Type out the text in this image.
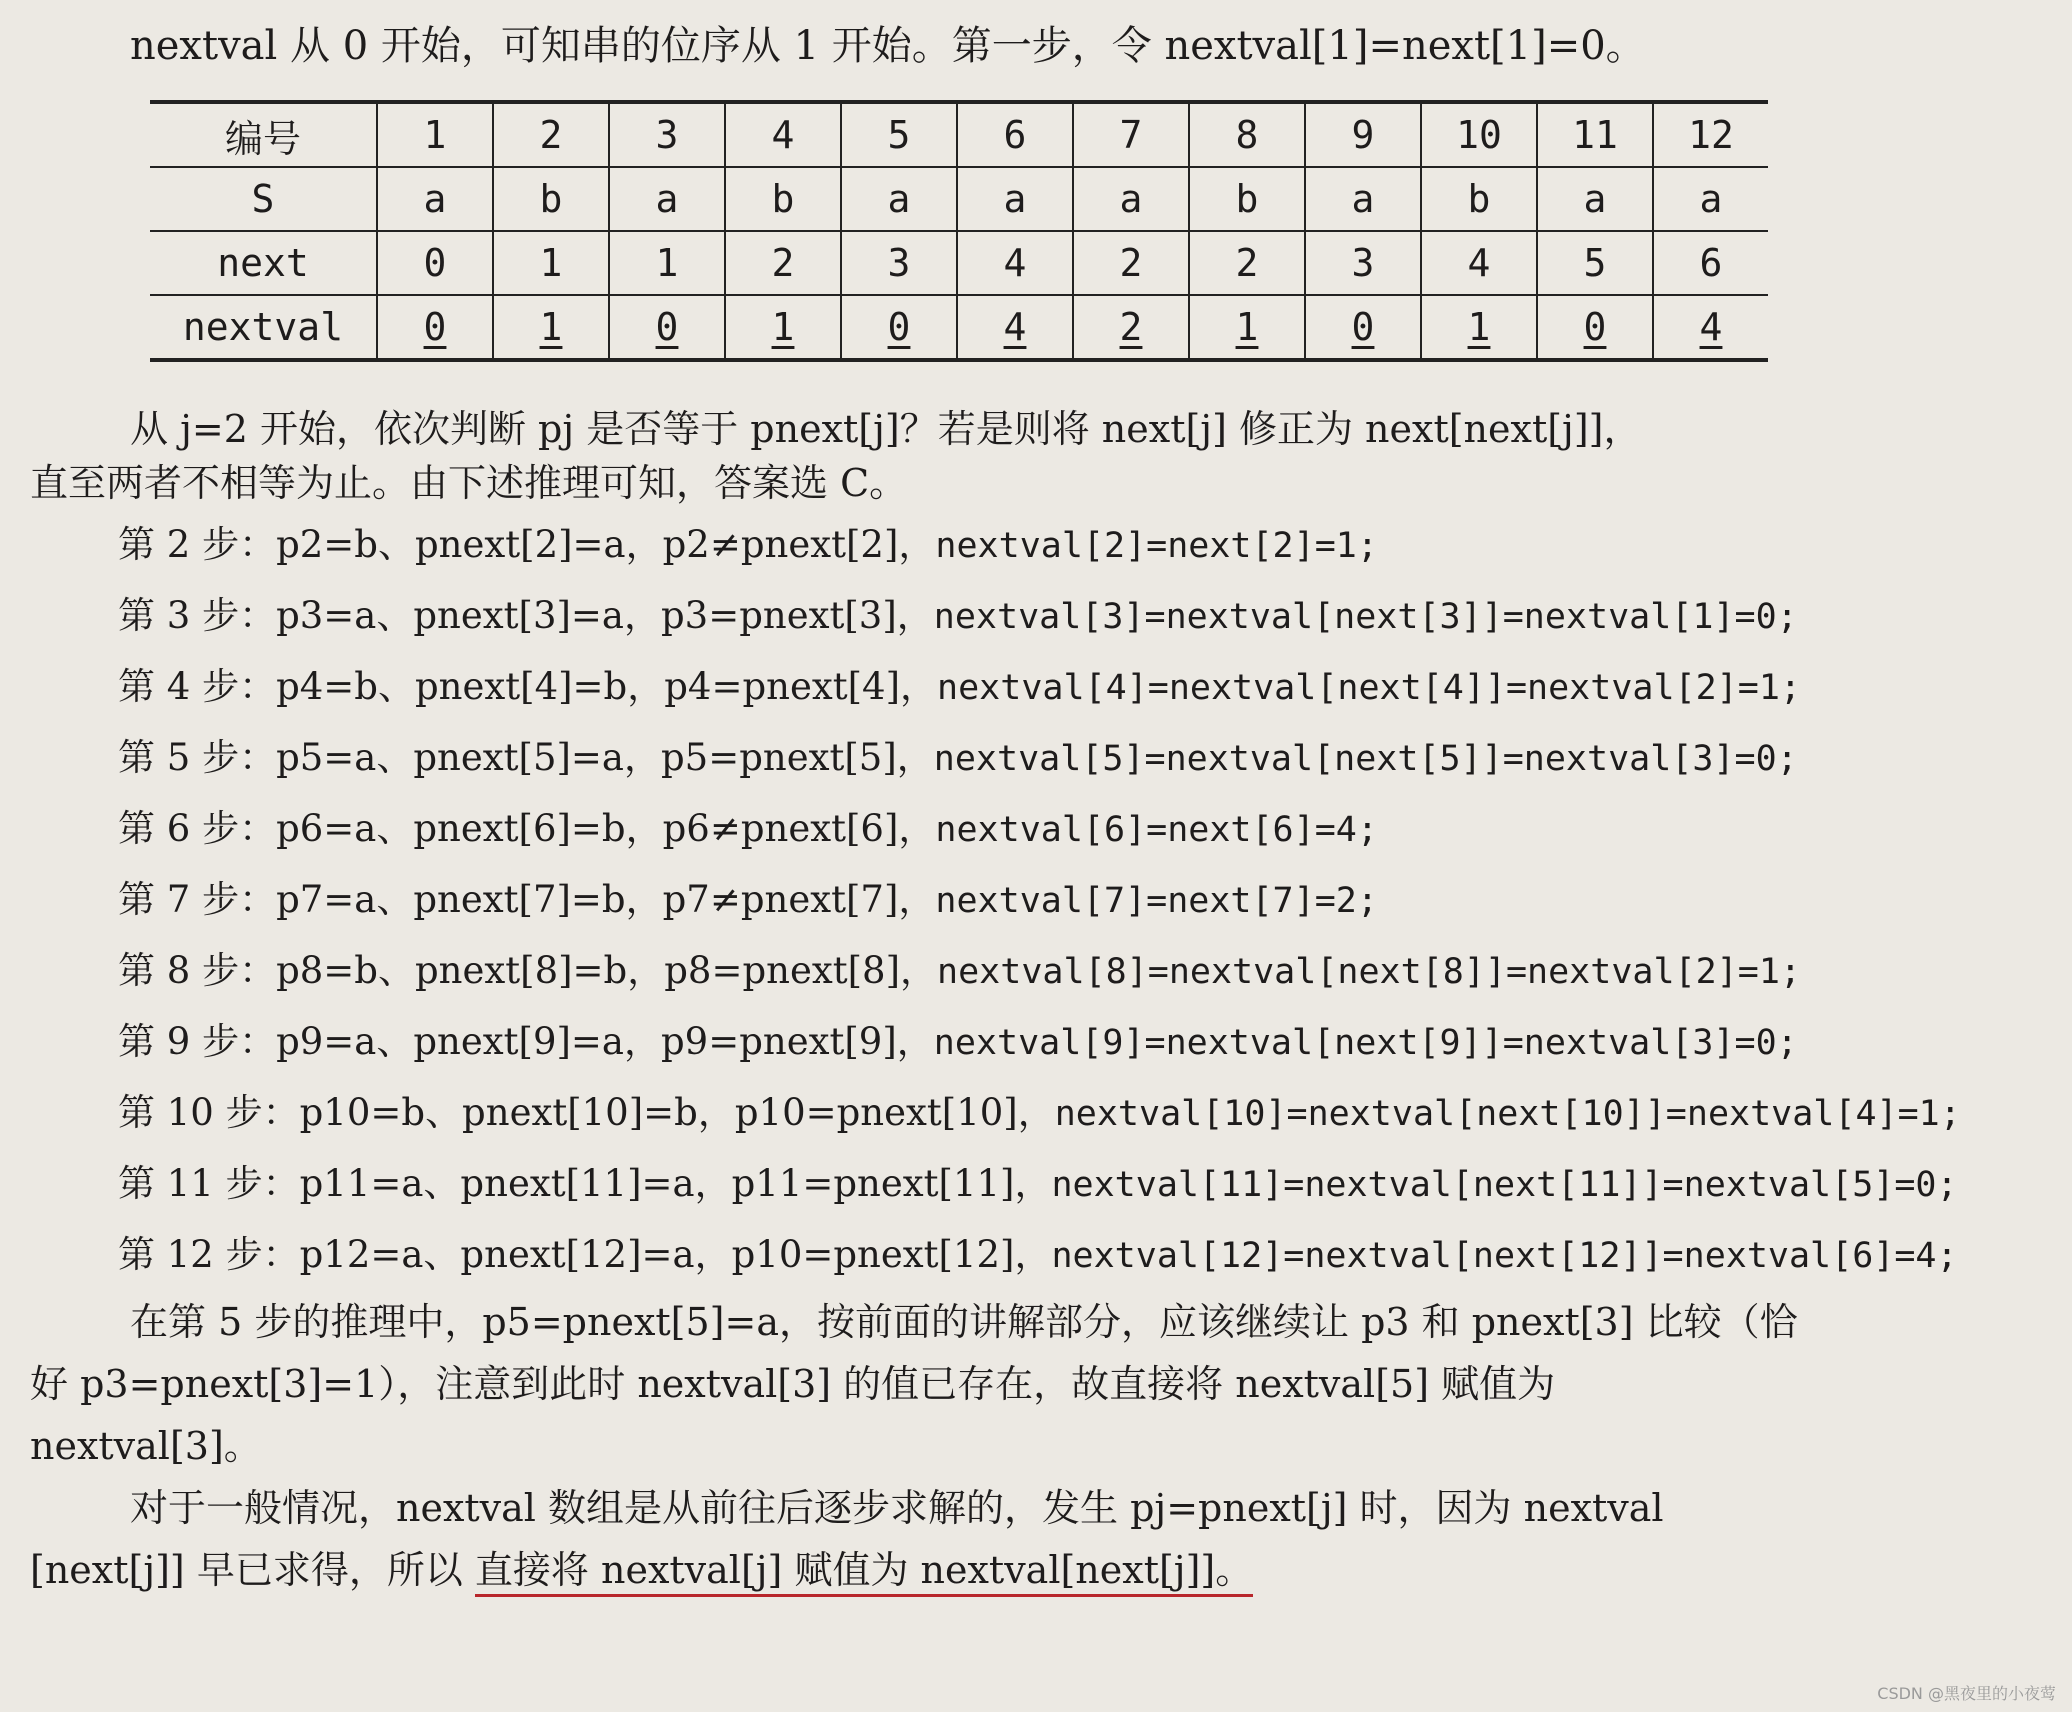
nextval 从 0 开始，可知串的位序从 1 开始。第一步，令 nextval[1]=next[1]=0。
编号	1	2	3	4	5	6	7	8	9	10	11	12
S	a	b	a	b	a	a	a	b	a	b	a	a
next	0	1	1	2	3	4	2	2	3	4	5	6
nextval	0	1	0	1	0	4	2	1	0	1	0	4

从 j=2 开始，依次判断 pj 是否等于 pnext[j]？若是则将 next[j] 修正为 next[next[j]]，

直至两者不相等为止。由下述推理可知，答案选 C。

第 2 步：p2=b、pnext[2]=a，p2≠pnext[2]，nextval[2]=next[2]=1;
第 3 步：p3=a、pnext[3]=a，p3=pnext[3]，nextval[3]=nextval[next[3]]=nextval[1]=0;
第 4 步：p4=b、pnext[4]=b，p4=pnext[4]，nextval[4]=nextval[next[4]]=nextval[2]=1;
第 5 步：p5=a、pnext[5]=a，p5=pnext[5]，nextval[5]=nextval[next[5]]=nextval[3]=0;
第 6 步：p6=a、pnext[6]=b，p6≠pnext[6]，nextval[6]=next[6]=4;
第 7 步：p7=a、pnext[7]=b，p7≠pnext[7]，nextval[7]=next[7]=2;
第 8 步：p8=b、pnext[8]=b，p8=pnext[8]，nextval[8]=nextval[next[8]]=nextval[2]=1;
第 9 步：p9=a、pnext[9]=a，p9=pnext[9]，nextval[9]=nextval[next[9]]=nextval[3]=0;
第 10 步：p10=b、pnext[10]=b，p10=pnext[10]，nextval[10]=nextval[next[10]]=nextval[4]=1;
第 11 步：p11=a、pnext[11]=a，p11=pnext[11]，nextval[11]=nextval[next[11]]=nextval[5]=0;
第 12 步：p12=a、pnext[12]=a，p10=pnext[12]，nextval[12]=nextval[next[12]]=nextval[6]=4;

在第 5 步的推理中，p5=pnext[5]=a，按前面的讲解部分，应该继续让 p3 和 pnext[3] 比较（恰

好 p3=pnext[3]=1），注意到此时 nextval[3] 的值已存在，故直接将 nextval[5] 赋值为

nextval[3]。

对于一般情况，nextval 数组是从前往后逐步求解的，发生 pj=pnext[j] 时，因为 nextval

[next[j]] 早已求得，所以 直接将 nextval[j] 赋值为 nextval[next[j]]。

CSDN @黑夜里的小夜莺
